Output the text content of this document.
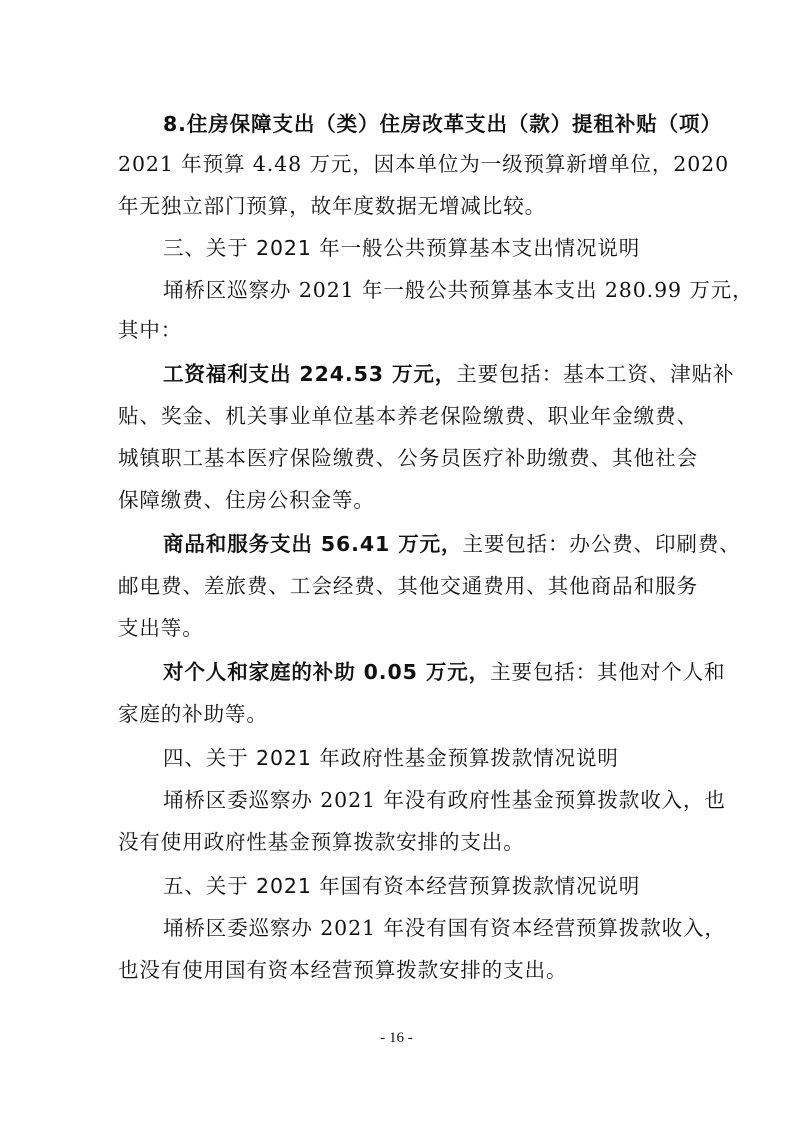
8.住房保障支出（类）住房改革支出（款）提租补贴（项）
2021 年预算 4.48 万元，因本单位为一级预算新增单位，2020
年无独立部门预算，故年度数据无增减比较。
三、关于 2021 年一般公共预算基本支出情况说明
埇桥区巡察办 2021 年一般公共预算基本支出 280.99 万元，
其中：
工资福利支出 224.53 万元，主要包括：基本工资、津贴补
贴、奖金、机关事业单位基本养老保险缴费、职业年金缴费、
城镇职工基本医疗保险缴费、公务员医疗补助缴费、其他社会
保障缴费、住房公积金等。
商品和服务支出 56.41 万元，主要包括：办公费、印刷费、
邮电费、差旅费、工会经费、其他交通费用、其他商品和服务
支出等。
对个人和家庭的补助 0.05 万元，主要包括：其他对个人和
家庭的补助等。
四、关于 2021 年政府性基金预算拨款情况说明
埇桥区委巡察办 2021 年没有政府性基金预算拨款收入，也
没有使用政府性基金预算拨款安排的支出。
五、关于 2021 年国有资本经营预算拨款情况说明
埇桥区委巡察办 2021 年没有国有资本经营预算拨款收入，
也没有使用国有资本经营预算拨款安排的支出。
- 16 -
